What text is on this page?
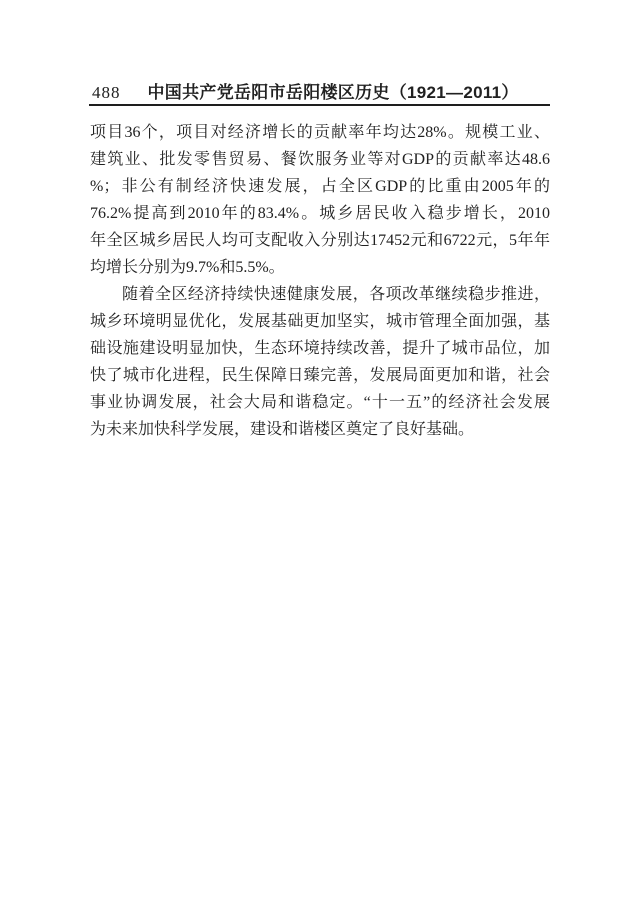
488 中国共产党岳阳市岳阳楼区历史（1921—2011）
项目36个，项目对经济增长的贡献率年均达28%。规模工业、
建筑业、批发零售贸易、餐饮服务业等对GDP的贡献率达48.6
%；非公有制经济快速发展，占全区GDP的比重由2005年的
76.2%提高到2010年的83.4%。城乡居民收入稳步增长，2010
年全区城乡居民人均可支配收入分别达17452元和6722元，5年年
均增长分别为9.7%和5.5%。
随着全区经济持续快速健康发展，各项改革继续稳步推进，
城乡环境明显优化，发展基础更加坚实，城市管理全面加强，基
础设施建设明显加快，生态环境持续改善，提升了城市品位，加
快了城市化进程，民生保障日臻完善，发展局面更加和谐，社会
事业协调发展，社会大局和谐稳定。“十一五”的经济社会发展
为未来加快科学发展，建设和谐楼区奠定了良好基础。
